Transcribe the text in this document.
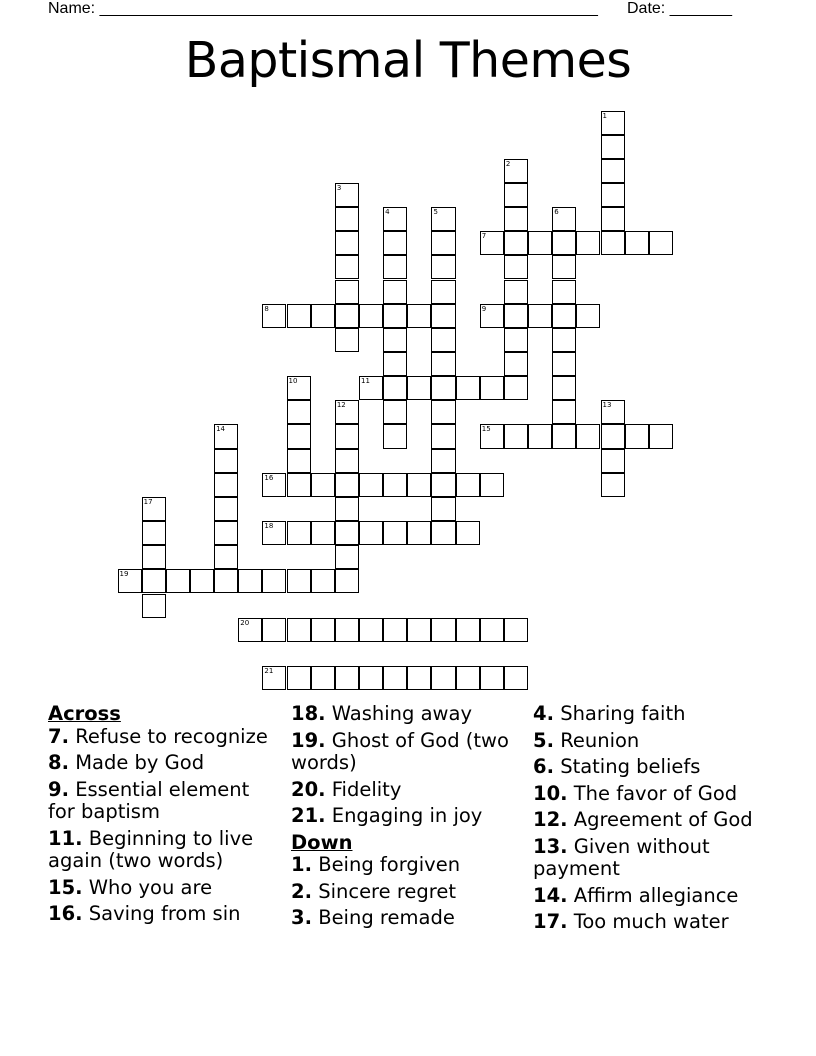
Name: ________________________________________________________ Date: _______
Baptismal Themes
1
2
3
4	5	6
7
8	9
10	11
12	13
14	15
16
17
18
19
20
21
Across
7. Refuse to recognize
8. Made by God
9. Essential element for baptism
11. Beginning to live again (two words)
15. Who you are
16. Saving from sin
18. Washing away
19. Ghost of God (two words)
20. Fidelity
21. Engaging in joy
Down
1. Being forgiven
2. Sincere regret
3. Being remade
4. Sharing faith
5. Reunion
6. Stating beliefs
10. The favor of God
12. Agreement of God
13. Given without payment
14. Affirm allegiance
17. Too much water
